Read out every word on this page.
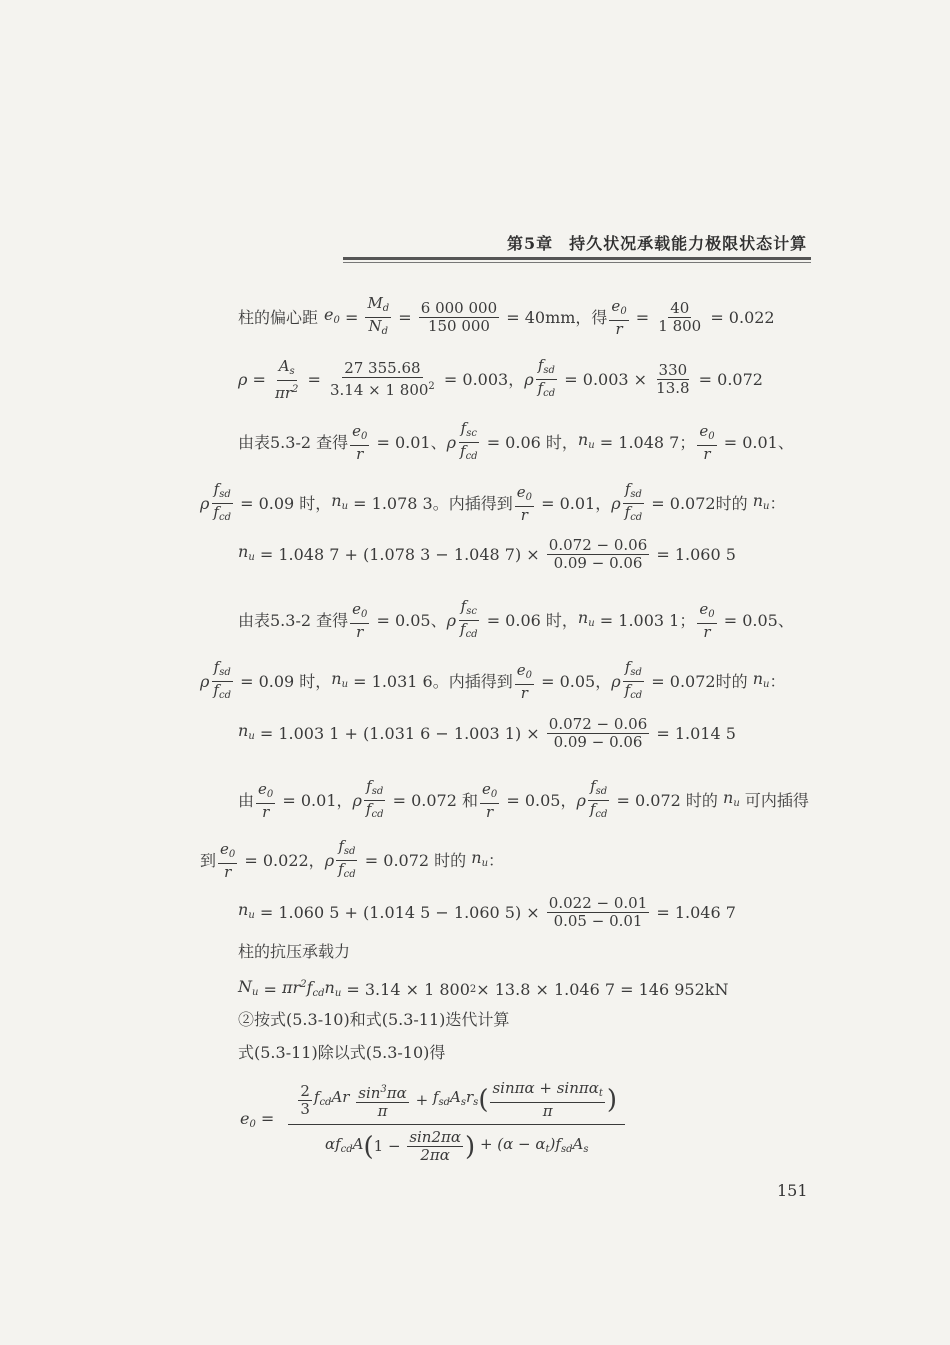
第5章 持久状况承载能力极限状态计算
柱的偏心距 $e_0 = \frac{M_d}{N_d} = \frac{6 000 000}{150 000}$
= 40mm，得 $\frac{e_0}{r} = \frac{40}{1 800}$
= 0.022
$\rho = \frac{A_s}{\pi r^2} = \frac{27 355.68}{3.14 \times 1 800^2}$
= 0.003， ρ $\frac{f_{sd}}{f_{cd}}$
= 0.003 ×
$\frac{330}{13.8}$
= 0.072
由表5.3-2 查得 $\frac{e_0}{r}$
= 0.01、 ρ $\frac{f_{sc}}{f_{cd}}$
= 0.06 时， $n_u$
= 1.048 7； $\frac{e_0}{r}$
= 0.01、
ρ $\frac{f_{sd}}{f_{cd}}$
= 0.09 时， $n_u$
= 1.078 3。内插得到 $\frac{e_0}{r}$
= 0.01， ρ $\frac{f_{sd}}{f_{cd}}$
= 0.072时的
$n_u$ ：
$n_u$
= 1.048 7 + (1.078 3 − 1.048 7) ×
$\frac{0.072 - 0.06}{0.09 - 0.06}$
= 1.060 5
由表5.3-2 查得 $\frac{e_0}{r}$
= 0.05、 ρ $\frac{f_{sc}}{f_{cd}}$
= 0.06 时， $n_u$
= 1.003 1； $\frac{e_0}{r}$
= 0.05、
ρ $\frac{f_{sd}}{f_{cd}}$
= 0.09 时， $n_u$
= 1.031 6。内插得到 $\frac{e_0}{r}$
= 0.05， ρ $\frac{f_{sd}}{f_{cd}}$
= 0.072时的
$n_u$ ：
$n_u$
= 1.003 1 + (1.031 6 − 1.003 1) ×
$\frac{0.072 - 0.06}{0.09 - 0.06}$
= 1.014 5
由 $\frac{e_0}{r}$
= 0.01， ρ $\frac{f_{sd}}{f_{cd}}$
= 0.072 和 $\frac{e_0}{r}$
= 0.05， ρ $\frac{f_{sd}}{f_{cd}}$
= 0.072 时的
$n_u$
可内插得
到 $\frac{e_0}{r}$
= 0.022， ρ $\frac{f_{sd}}{f_{cd}}$
= 0.072 时的
$n_u$ ：
$n_u$
= 1.060 5 + (1.014 5 − 1.060 5) ×
$\frac{0.022 - 0.01}{0.05 - 0.01}$
= 1.046 7
柱的抗压承载力
$N_u = \pi r^2f_{cd}n_u$
= 3.14 × 1 800 2 × 13.8 × 1.046 7 = 146 952kN
②按式(5.3-10)和式(5.3-11)迭代计算
式(5.3-11)除以式(5.3-10)得
$e_0$ =
$\frac{2}{3} f_{cd}Ar$
$\frac{\sin^3\pi\alpha}{\pi} + f_{sd}A_sr_s$ ( $\frac{\sin\pi\alpha + \sin\pi\alpha_t}{\pi}$ )
$\alpha f_{cd}A$ ( 1 −
$\frac{\sin 2\pi\alpha}{2\pi\alpha}$ )
+ $(\alpha - \alpha_t)f_{sd}A_s$
151
